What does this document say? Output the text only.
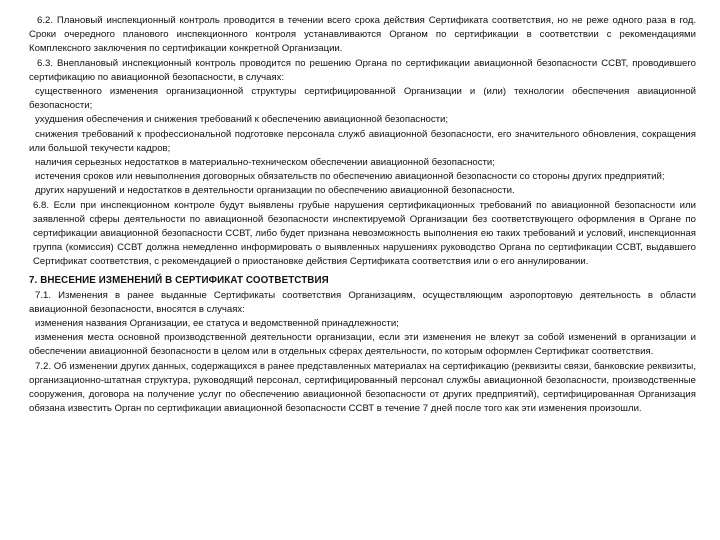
6.2. Плановый инспекционный контроль проводится в течении всего срока действия Сертификата соответствия, но не реже одного раза в год. Сроки очередного планового инспекционного контроля устанавливаются Органом по сертификации в соответствии с рекомендациями Комплексного заключения по сертификации конкретной Организации.

6.3. Внеплановый инспекционный контроль проводится по решению Органа по сертификации авиационной безопасности ССВТ, проводившего сертификацию по авиационной безопасности, в случаях:

существенного изменения организационной структуры сертифицированной Организации и (или) технологии обеспечения авиационной безопасности;

ухудшения обеспечения и снижения требований к обеспечению авиационной безопасности;

снижения требований к профессиональной подготовке персонала служб авиационной безопасности, его значительного обновления, сокращения или большой текучести кадров;

наличия серьезных недостатков в материально-техническом обеспечении авиационной безопасности;

истечения сроков или невыполнения договорных обязательств по обеспечению авиационной безопасности со стороны других предприятий;

других нарушений и недостатков в деятельности организации по обеспечению авиационной безопасности.

6.8. Если при инспекционном контроле будут выявлены грубые нарушения сертификационных требований по авиационной безопасности или заявленной сферы деятельности по авиационной безопасности инспектируемой Организации без соответствующего оформления в Органе по сертификации авиационной безопасности ССВТ, либо будет признана невозможность выполнения ею таких требований и условий, инспекционная группа (комиссия) ССВТ должна немедленно информировать о выявленных нарушениях руководство Органа по сертификации ССВТ, выдавшего Сертификат соответствия, с рекомендацией о приостановке действия Сертификата соответствия или о его аннулировании.

7. ВНЕСЕНИЕ ИЗМЕНЕНИЙ В СЕРТИФИКАТ СООТВЕТСТВИЯ

7.1. Изменения в ранее выданные Сертификаты соответствия Организациям, осуществляющим аэропортовую деятельность в области авиационной безопасности, вносятся в случаях:

изменения названия Организации, ее статуса и ведомственной принадлежности;

изменения места основной производственной деятельности организации, если эти изменения не влекут за собой изменений в организации и обеспечении авиационной безопасности в целом или в отдельных сферах деятельности, по которым оформлен Сертификат соответствия.

7.2. Об изменении других данных, содержащихся в ранее представленных материалах на сертификацию (реквизиты связи, банковские реквизиты, организационно-штатная структура, руководящий персонал, сертифицированный персонал службы авиационной безопасности, производственные сооружения, договора на получение услуг по обеспечению авиационной безопасности от других предприятий), сертифицированная Организация обязана известить Орган по сертификации авиационной безопасности ССВТ в течение 7 дней после того как эти изменения произошли.
